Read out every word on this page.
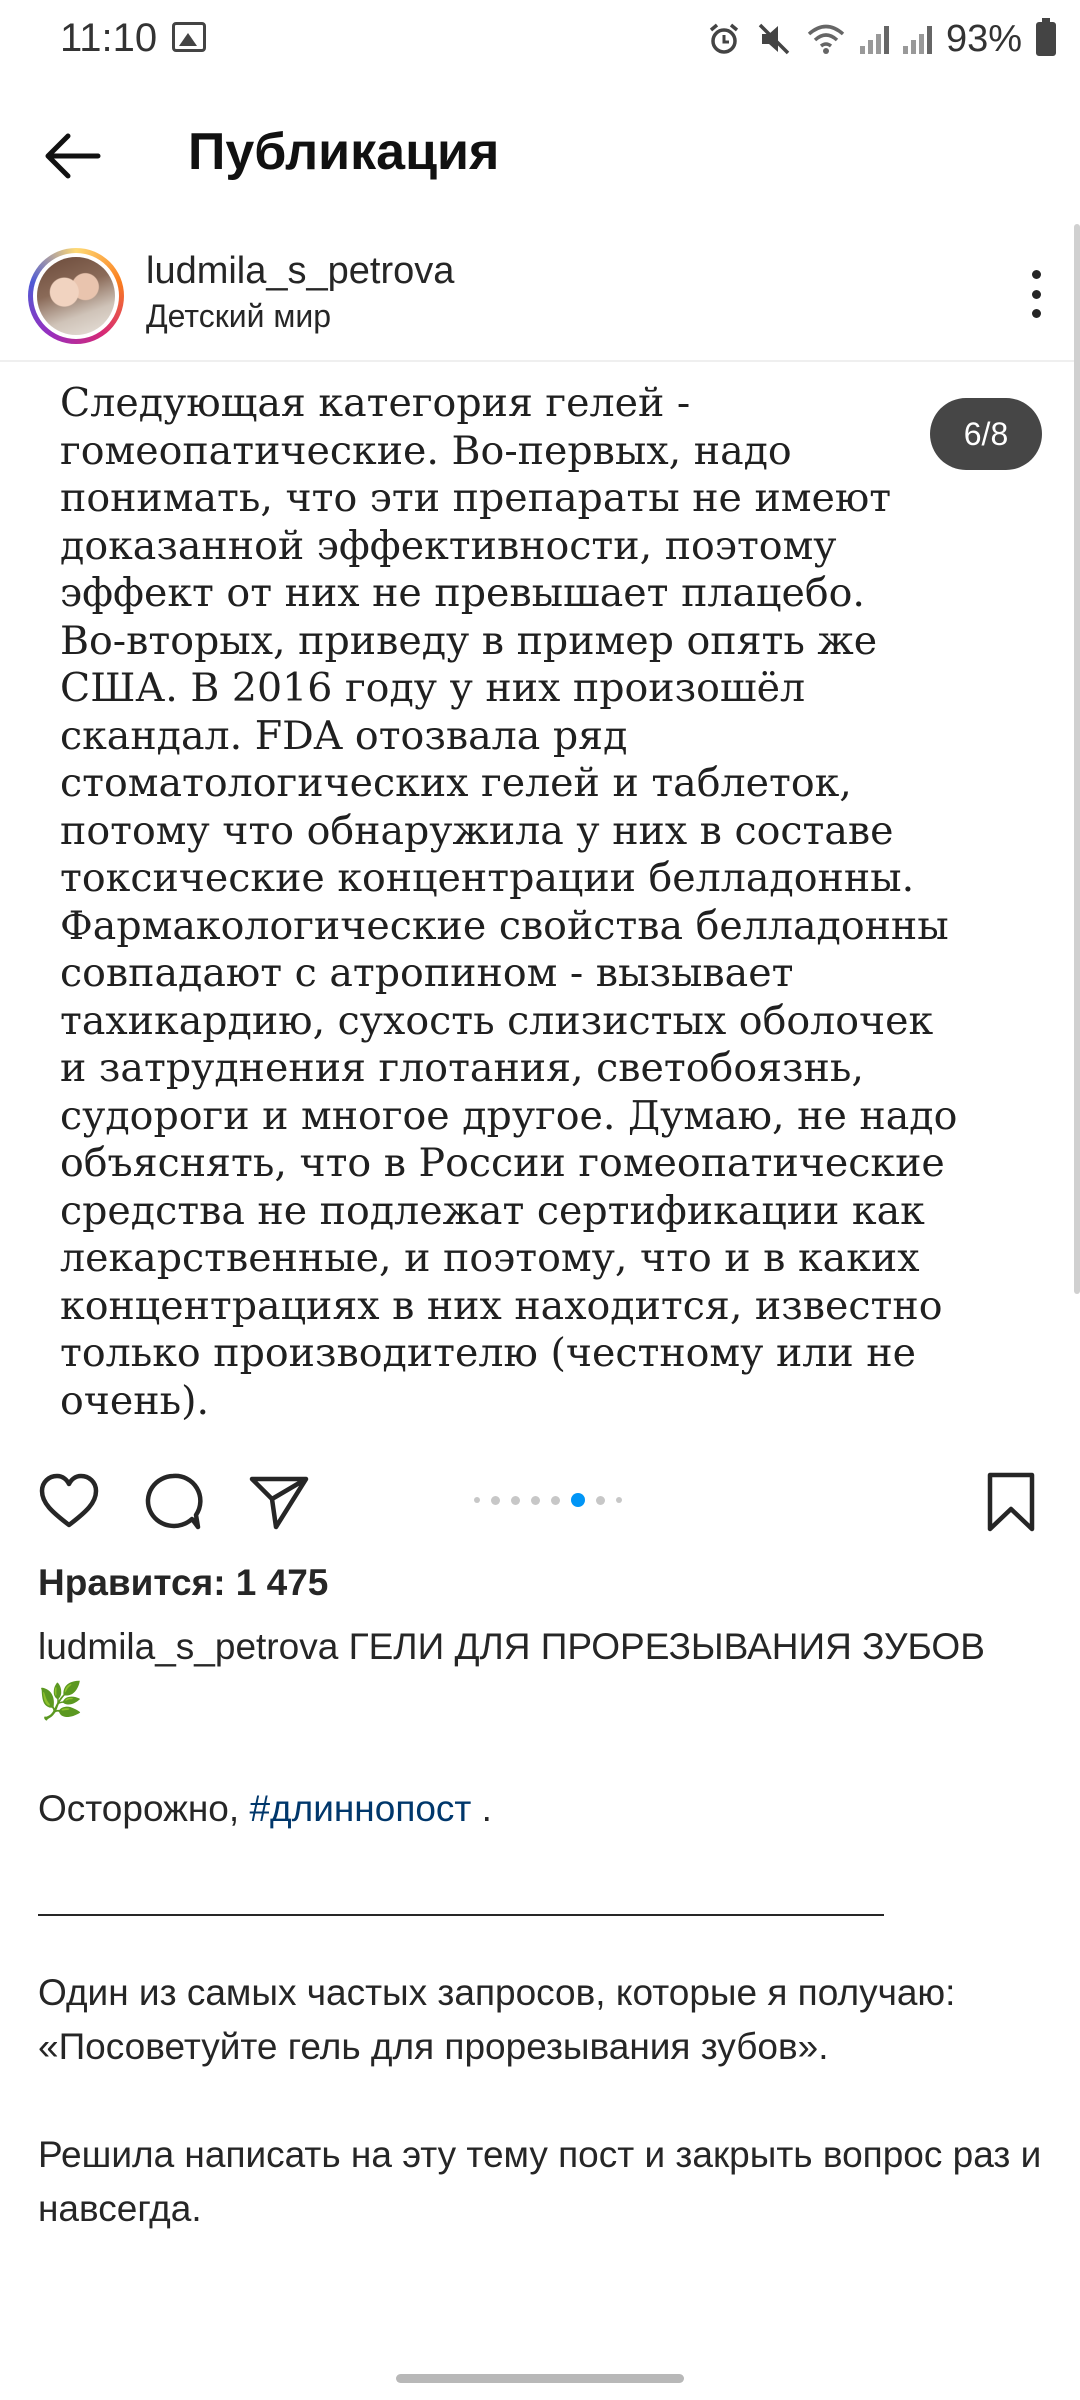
11:10	93%
Публикация
ludmila_s_petrova
Детский мир
Следующая категория гелей -
гомеопатические. Во-первых, надо
понимать, что эти препараты не имеют
доказанной эффективности, поэтому
эффект от них не превышает плацебо.
Во-вторых, приведу в пример опять же
США. В 2016 году у них произошёл
скандал. FDA отозвала ряд
стоматологических гелей и таблеток,
потому что обнаружила у них в составе
токсические концентрации белладонны.
Фармакологические свойства белладонны
совпадают с атропином - вызывает
тахикардию, сухость слизистых оболочек
и затруднения глотания, светобоязнь,
судороги и многое другое. Думаю, не надо
объяснять, что в России гомеопатические
средства не подлежат сертификации как
лекарственные, и поэтому, что и в каких
концентрациях в них находится, известно
только производителю (честному или не
очень).
6/8
Нравится: 1 475
ludmila_s_petrova ГЕЛИ ДЛЯ ПРОРЕЗЫВАНИЯ ЗУБОВ
🌿
Осторожно, #длиннопост .
Один из самых частых запросов, которые я получаю: «Посоветуйте гель для прорезывания зубов».
Решила написать на эту тему пост и закрыть вопрос раз и навсегда.
